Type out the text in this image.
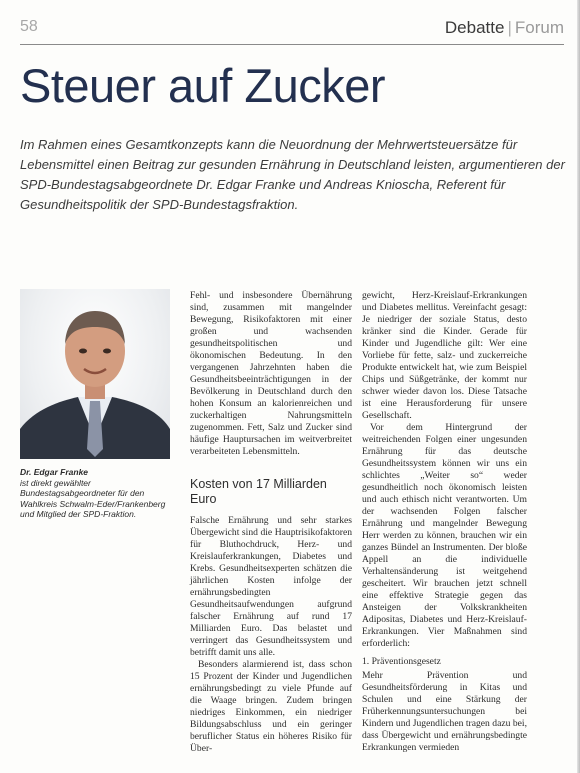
58	Debatte | Forum
Steuer auf Zucker

Im Rahmen eines Gesamtkonzepts kann die Neuordnung der Mehrwertsteuersätze für Lebensmittel einen Beitrag zur gesunden Ernährung in Deutschland leisten, argumentieren der SPD-Bundestagsabgeordnete Dr. Edgar Franke und Andreas Knioscha, Referent für Gesundheitspolitik der SPD-Bundestagsfraktion.

Dr. Edgar Franke
ist direkt gewählter Bundestagsabgeordneter für den Wahlkreis Schwalm-Eder/Frankenberg und Mitglied der SPD-Fraktion.

Fehl- und insbesondere Übernährung sind, zusammen mit mangelnder Bewegung, Risikofaktoren mit einer großen und wachsenden gesundheitspolitischen und ökonomischen Bedeutung. In den vergangenen Jahrzehnten haben die Gesundheitsbeeinträchtigungen in der Bevölkerung in Deutschland durch den hohen Konsum an kalorienreichen und zuckerhaltigen Nahrungsmitteln zugenommen. Fett, Salz und Zucker sind häufige Hauptursachen im weitverbreitet verarbeiteten Lebensmitteln.

Kosten von 17 Milliarden Euro

Falsche Ernährung und sehr starkes Übergewicht sind die Hauptrisikofaktoren für Bluthochdruck, Herz- und Kreislauferkrankungen, Diabetes und Krebs. Gesundheitsexperten schätzen die jährlichen Kosten infolge der ernährungsbedingten Gesundheitsaufwendungen aufgrund falscher Ernährung auf rund 17 Milliarden Euro. Das belastet und verringert das Gesundheitssystem und betrifft damit uns alle.

Besonders alarmierend ist, dass schon 15 Prozent der Kinder und Jugendlichen ernährungsbedingt zu viele Pfunde auf die Waage bringen. Zudem bringen niedriges Einkommen, ein niedriger Bildungsabschluss und ein geringer beruflicher Status ein höheres Risiko für Über-

gewicht, Herz-Kreislauf-Erkrankungen und Diabetes mellitus. Vereinfacht gesagt: Je niedriger der soziale Status, desto kränker sind die Kinder. Gerade für Kinder und Jugendliche gilt: Wer eine Vorliebe für fette, salz- und zuckerreiche Produkte entwickelt hat, wie zum Beispiel Chips und Süßgetränke, der kommt nur schwer wieder davon los. Diese Tatsache ist eine Herausforderung für unsere Gesellschaft.

Vor dem Hintergrund der weitreichenden Folgen einer ungesunden Ernährung für das deutsche Gesundheitssystem können wir uns ein schlichtes „Weiter so“ weder gesundheitlich noch ökonomisch leisten und auch ethisch nicht verantworten. Um der wachsenden Folgen falscher Ernährung und mangelnder Bewegung Herr werden zu können, brauchen wir ein ganzes Bündel an Instrumenten. Der bloße Appell an die individuelle Verhaltensänderung ist weitgehend gescheitert. Wir brauchen jetzt schnell eine effektive Strategie gegen das Ansteigen der Volkskrankheiten Adipositas, Diabetes und Herz-Kreislauf-Erkrankungen. Vier Maßnahmen sind erforderlich:

1. Präventionsgesetz

Mehr Prävention und Gesundheitsförderung in Kitas und Schulen und eine Stärkung der Früherkennungsuntersuchungen bei Kindern und Jugendlichen tragen dazu bei, dass Übergewicht und ernährungsbedingte Erkrankungen vermieden
